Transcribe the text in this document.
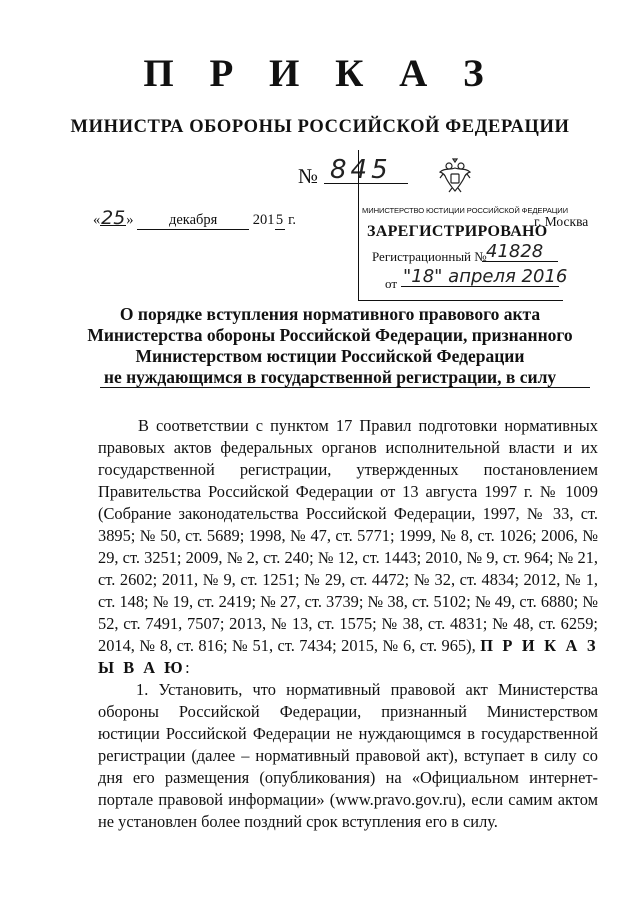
П Р И К А З
МИНИСТРА ОБОРОНЫ РОССИЙСКОЙ ФЕДЕРАЦИИ
№ 845
«25» декабря 2015 г.
МИНИСТЕРСТВО ЮСТИЦИИ РОССИЙСКОЙ ФЕДЕРАЦИИ
г. Москва
ЗАРЕГИСТРИРОВАНО
Регистрационный № 41828
от "18" апреля 2016
О порядке вступления нормативного правового акта
Министерства обороны Российской Федерации, признанного
Министерством юстиции Российской Федерации
не нуждающимся в государственной регистрации, в силу

В соответствии с пунктом 17 Правил подготовки нормативных правовых актов федеральных органов исполнительной власти и их государственной регистрации, утвержденных постановлением Правительства Российской Федерации от 13 августа 1997 г. № 1009 (Собрание законодательства Российской Федерации, 1997, № 33, ст. 3895; № 50, ст. 5689; 1998, № 47, ст. 5771; 1999, № 8, ст. 1026; 2006, № 29, ст. 3251; 2009, № 2, ст. 240; № 12, ст. 1443; 2010, № 9, ст. 964; № 21, ст. 2602; 2011, № 9, ст. 1251; № 29, ст. 4472; № 32, ст. 4834; 2012, № 1, ст. 148; № 19, ст. 2419; № 27, ст. 3739; № 38, ст. 5102; № 49, ст. 6880; № 52, ст. 7491, 7507; 2013, № 13, ст. 1575; № 38, ст. 4831; № 48, ст. 6259; 2014, № 8, ст. 816; № 51, ст. 7434; 2015, № 6, ст. 965), П Р И К А З Ы В А Ю:

1. Установить, что нормативный правовой акт Министерства обороны Российской Федерации, признанный Министерством юстиции Российской Федерации не нуждающимся в государственной регистрации (далее – нормативный правовой акт), вступает в силу со дня его размещения (опубликования) на «Официальном интернет-портале правовой информации» (www.pravo.gov.ru), если самим актом не установлен более поздний срок вступления его в силу.
